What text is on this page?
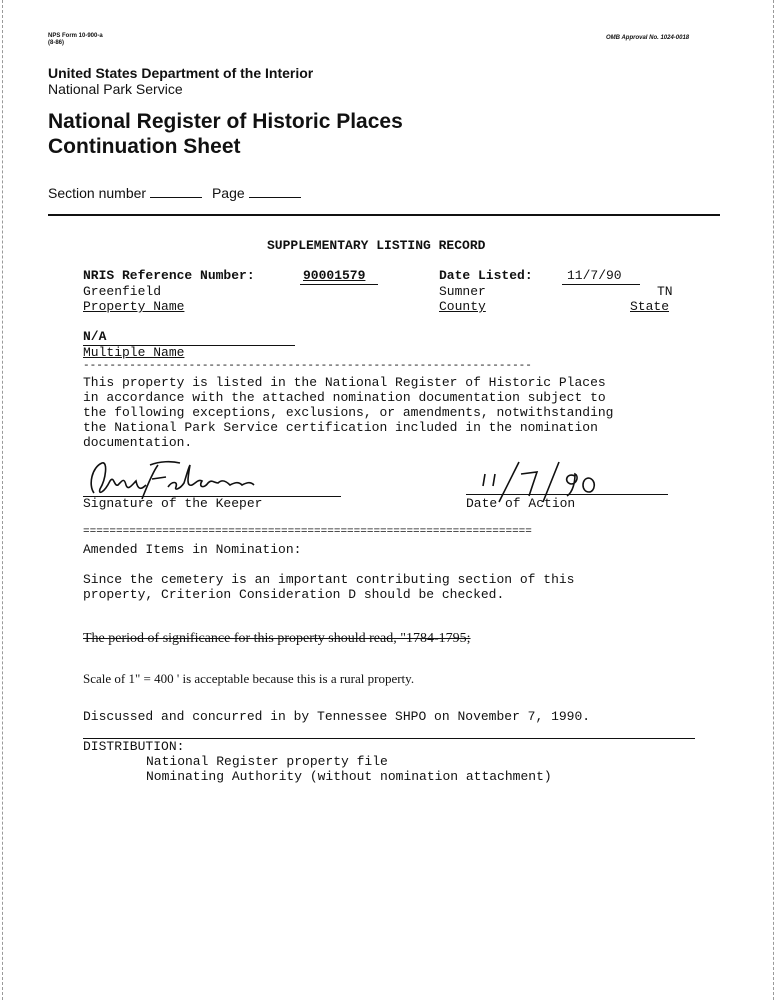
NPS Form 10-900-a
(8-86)
OMB Approval No. 1024-0018
United States Department of the Interior
National Park Service
National Register of Historic Places
Continuation Sheet
Section number	Page
SUPPLEMENTARY LISTING RECORD
NRIS Reference Number:	90001579	Date Listed:	11/7/90
Greenfield	Sumner	TN
Property Name	County	State
N/A
Multiple Name
--------------------------------------------------------------------
This property is listed in the National Register of Historic Places
in accordance with the attached nomination documentation subject to
the following exceptions, exclusions, or amendments, notwithstanding
the National Park Service certification included in the nomination
documentation.
Signature of the Keeper	Date of Action
====================================================================
Amended Items in Nomination:
Since the cemetery is an important contributing section of this
property, Criterion Consideration D should be checked.
The period of significance for this property should read, "1784-1795;
Scale of 1" = 400 ' is acceptable because this is a rural property.
Discussed and concurred in by Tennessee SHPO on November 7, 1990.
DISTRIBUTION:
National Register property file
Nominating Authority (without nomination attachment)
